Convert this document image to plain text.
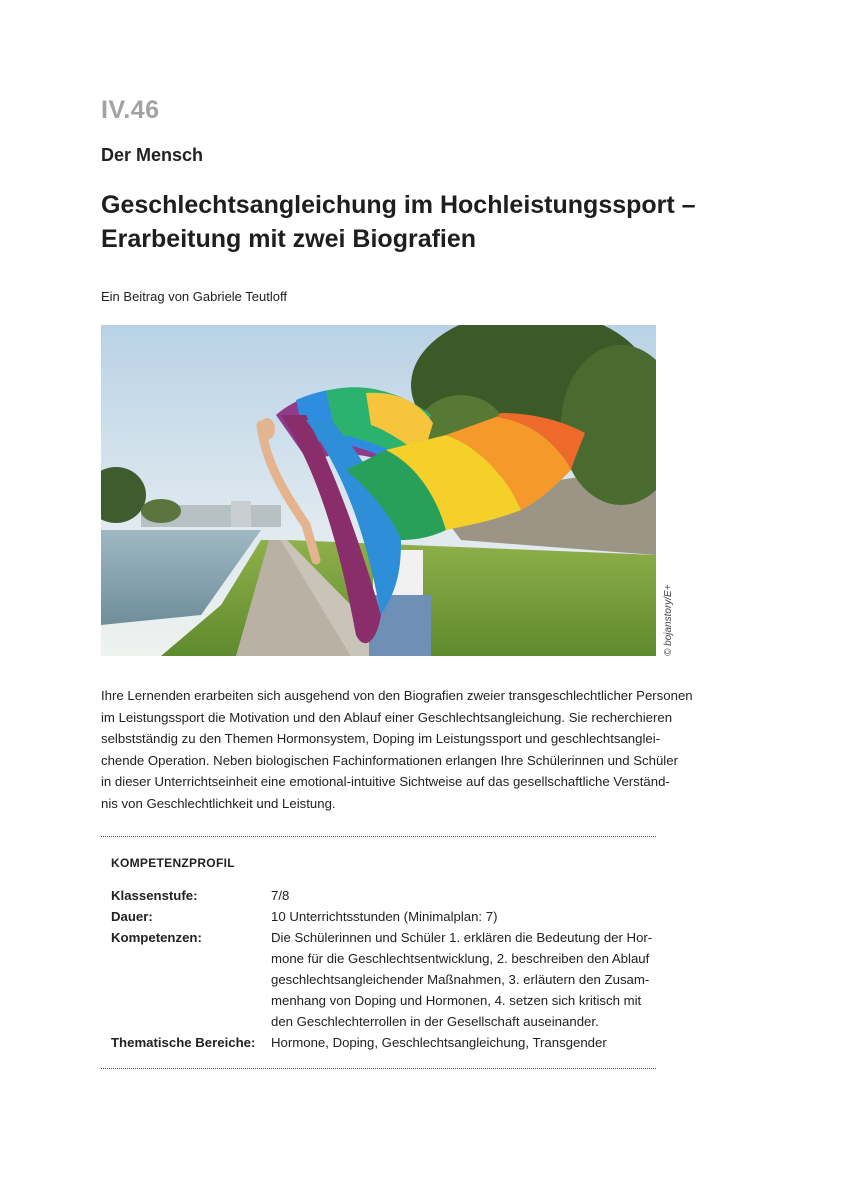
IV.46
Der Mensch
Geschlechtsangleichung im Hochleistungssport –
Erarbeitung mit zwei Biografien
Ein Beitrag von Gabriele Teutloff
© bojanstory/E+
Ihre Lernenden erarbeiten sich ausgehend von den Biografien zweier transgeschlechtlicher Personen
im Leistungssport die Motivation und den Ablauf einer Geschlechtsangleichung. Sie recherchieren
selbstständig zu den Themen Hormonsystem, Doping im Leistungssport und geschlechtsanglei-
chende Operation. Neben biologischen Fachinformationen erlangen Ihre Schülerinnen und Schüler
in dieser Unterrichtseinheit eine emotional-intuitive Sichtweise auf das gesellschaftliche Verständ-
nis von Geschlechtlichkeit und Leistung.
KOMPETENZPROFIL
Klassenstufe:	7/8
Dauer:	10 Unterrichtsstunden (Minimalplan: 7)
Kompetenzen:	Die Schülerinnen und Schüler 1. erklären die Bedeutung der Hor-
mone für die Geschlechtsentwicklung, 2. beschreiben den Ablauf
geschlechtsangleichender Maßnahmen, 3. erläutern den Zusam-
menhang von Doping und Hormonen, 4. setzen sich kritisch mit
den Geschlechterrollen in der Gesellschaft auseinander.
Thematische Bereiche:	Hormone, Doping, Geschlechtsangleichung, Transgender
